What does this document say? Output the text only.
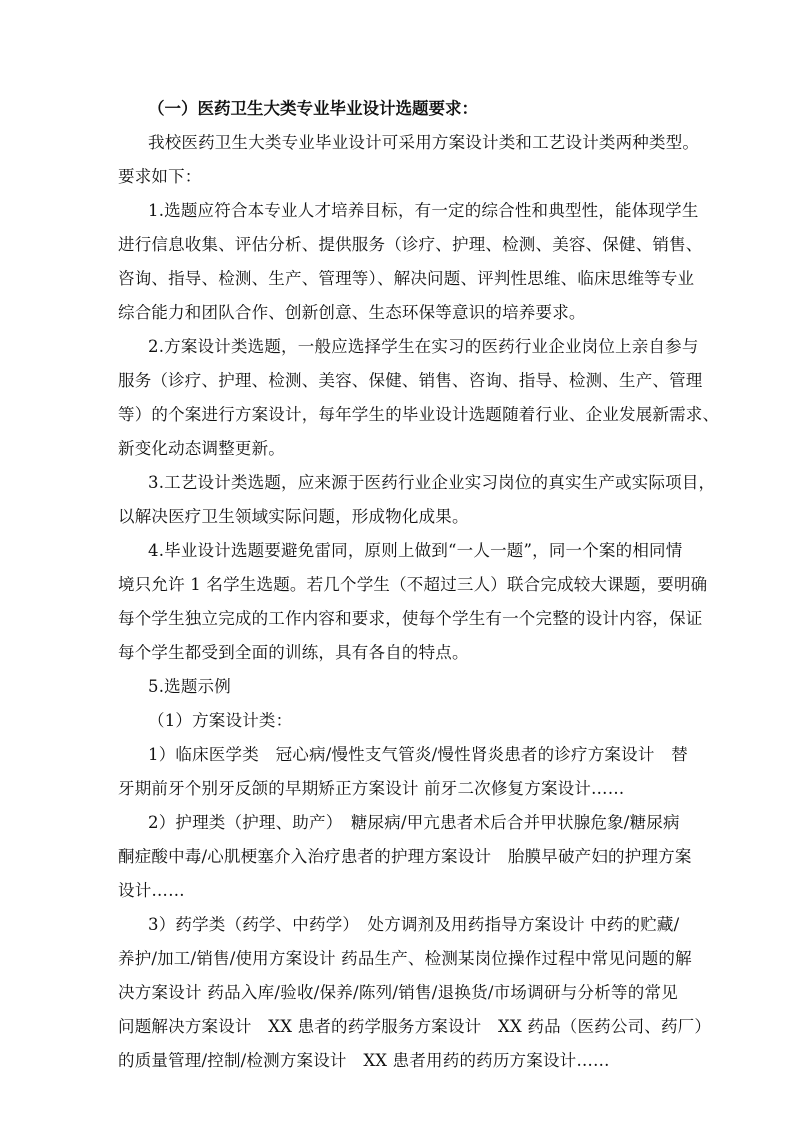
（一）医药卫生大类专业毕业设计选题要求：

我校医药卫生大类专业毕业设计可采用方案设计类和工艺设计类两种类型。
要求如下：
1.选题应符合本专业人才培养目标，有一定的综合性和典型性，能体现学生
进行信息收集、评估分析、提供服务（诊疗、护理、检测、美容、保健、销售、
咨询、指导、检测、生产、管理等）、解决问题、评判性思维、临床思维等专业
综合能力和团队合作、创新创意、生态环保等意识的培养要求。
2.方案设计类选题，一般应选择学生在实习的医药行业企业岗位上亲自参与
服务（诊疗、护理、检测、美容、保健、销售、咨询、指导、检测、生产、管理
等）的个案进行方案设计，每年学生的毕业设计选题随着行业、企业发展新需求、
新变化动态调整更新。
3.工艺设计类选题，应来源于医药行业企业实习岗位的真实生产或实际项目，
以解决医疗卫生领域实际问题，形成物化成果。
4.毕业设计选题要避免雷同，原则上做到“一人一题”，同一个案的相同情
境只允许 1 名学生选题。若几个学生（不超过三人）联合完成较大课题，要明确
每个学生独立完成的工作内容和要求，使每个学生有一个完整的设计内容，保证
每个学生都受到全面的训练，具有各自的特点。
5.选题示例
（1）方案设计类：
1）临床医学类　冠心病/慢性支气管炎/慢性肾炎患者的诊疗方案设计　替
牙期前牙个别牙反颌的早期矫正方案设计 前牙二次修复方案设计……
2）护理类（护理、助产）　糖尿病/甲亢患者术后合并甲状腺危象/糖尿病
酮症酸中毒/心肌梗塞介入治疗患者的护理方案设计　胎膜早破产妇的护理方案
设计……
3）药学类（药学、中药学）　处方调剂及用药指导方案设计 中药的贮藏/
养护/加工/销售/使用方案设计 药品生产、检测某岗位操作过程中常见问题的解
决方案设计 药品入库/验收/保养/陈列/销售/退换货/市场调研与分析等的常见
问题解决方案设计　XX 患者的药学服务方案设计　XX 药品（医药公司、药厂）
的质量管理/控制/检测方案设计　XX 患者用药的药历方案设计……
